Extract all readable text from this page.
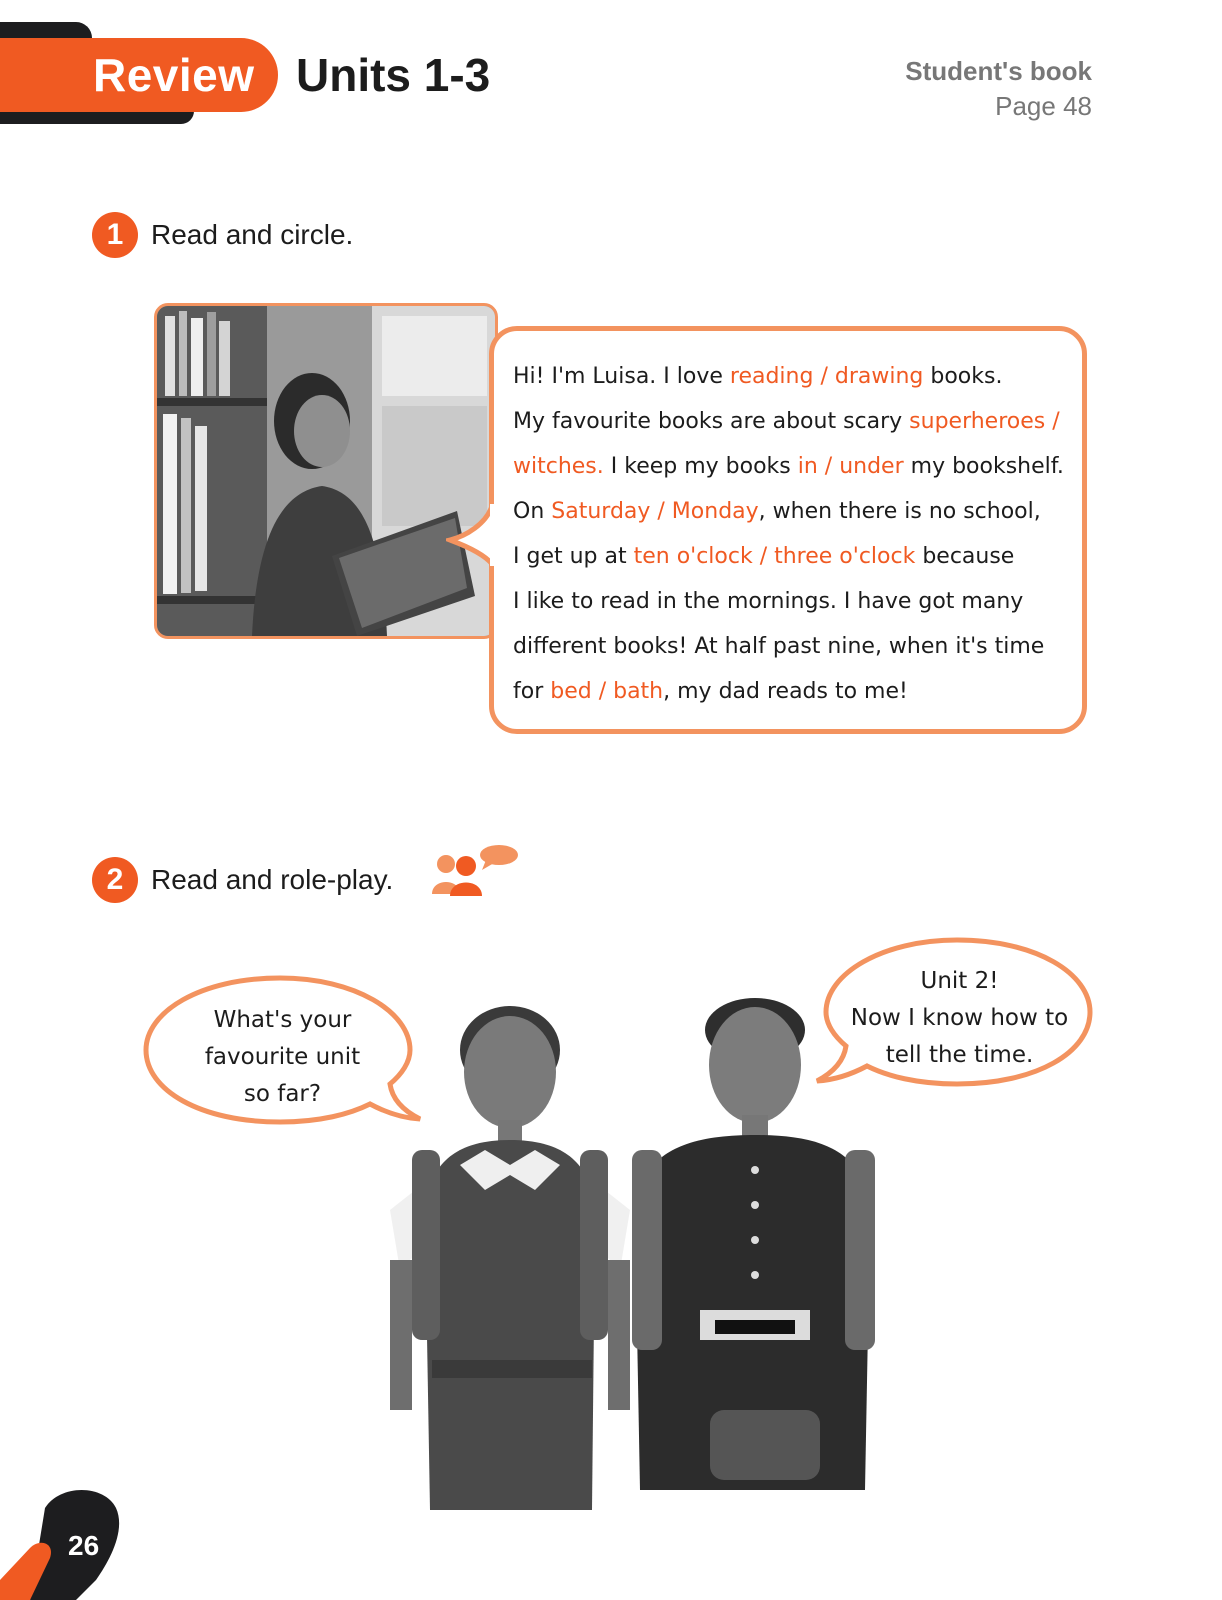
Review Units 1-3	Student's book
Page 48
1 Read and circle.
Hi! I'm Luisa. I love reading / drawing books.
My favourite books are about scary superheroes /
witches. I keep my books in / under my bookshelf.
On Saturday / Monday, when there is no school,
I get up at ten o'clock / three o'clock because
I like to read in the mornings. I have got many
different books! At half past nine, when it's time
for bed / bath, my dad reads to me!
2 Read and role-play.
What's your
favourite unit
so far?
Unit 2!
Now I know how to
tell the time.
26
